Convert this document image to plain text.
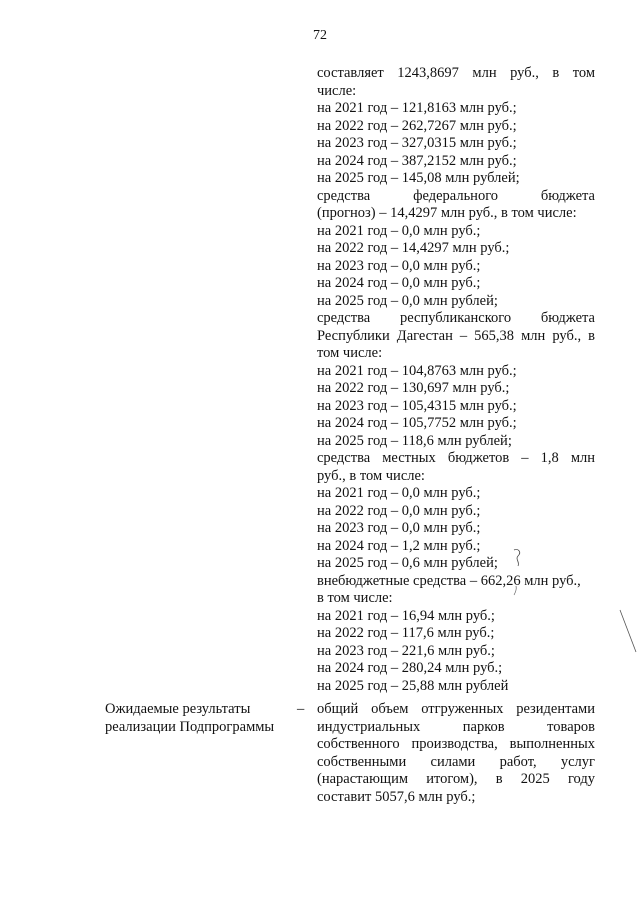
72
составляет 1243,8697 млн руб., в том
числе:
на 2021 год – 121,8163 млн руб.;
на 2022 год – 262,7267 млн руб.;
на 2023 год – 327,0315 млн руб.;
на 2024 год – 387,2152 млн руб.;
на 2025 год – 145,08 млн рублей;
средства федерального бюджета
(прогноз) – 14,4297 млн руб., в том числе:
на 2021 год – 0,0 млн руб.;
на 2022 год – 14,4297 млн руб.;
на 2023 год – 0,0 млн руб.;
на 2024 год – 0,0 млн руб.;
на 2025 год – 0,0 млн рублей;
средства республиканского бюджета
Республики Дагестан – 565,38 млн руб., в
том числе:
на 2021 год – 104,8763 млн руб.;
на 2022 год – 130,697 млн руб.;
на 2023 год – 105,4315 млн руб.;
на 2024 год – 105,7752 млн руб.;
на 2025 год – 118,6 млн рублей;
средства местных бюджетов – 1,8 млн
руб., в том числе:
на 2021 год – 0,0 млн руб.;
на 2022 год – 0,0 млн руб.;
на 2023 год – 0,0 млн руб.;
на 2024 год – 1,2 млн руб.;
на 2025 год – 0,6 млн рублей;
внебюджетные средства – 662,26 млн руб.,
в том числе:
на 2021 год – 16,94 млн руб.;
на 2022 год – 117,6 млн руб.;
на 2023 год – 221,6 млн руб.;
на 2024 год – 280,24 млн руб.;
на 2025 год – 25,88 млн рублей
Ожидаемые результаты
реализации Подпрограммы
– общий объем отгруженных резидентами
индустриальных парков товаров
собственного производства, выполненных
собственными силами работ, услуг
(нарастающим итогом), в 2025 году
составит 5057,6 млн руб.;
